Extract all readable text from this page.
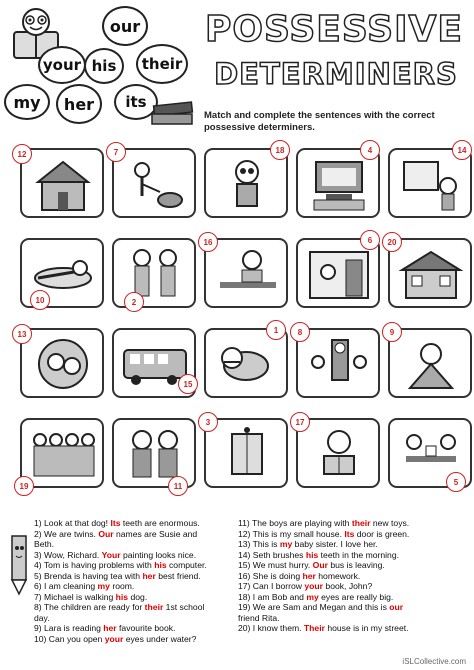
our
your his	their
my	her	its
POSSESSIVE
DETERMINERS
Match and complete the sentences with the correct possessive determiners.
12	7	18	4	14
10	2
16	6	20
13
15
1	8	9
19	11
3	17
5
1) Look at that dog! Its teeth are enormous.
2) We are twins. Our names are Susie and
Beth.
3) Wow, Richard. Your painting looks nice.
4) Tom is having problems with his computer.
5) Brenda is having tea with her best friend.
6) I am cleaning my room.
7) Michael is walking his dog.
8) The children are ready for their 1st school
day.
9) Lara is reading her favourite book.
10) Can you open your eyes under water?
11) The boys are playing with their new toys.
12) This is my small house. Its door is green.
13) This is my baby sister. I love her.
14) Seth brushes his teeth in the morning.
15) We must hurry. Our bus is leaving.
16) She is doing her homework.
17) Can I borrow your book, John?
18) I am Bob and my eyes are really big.
19) We are Sam and Megan and this is our
friend Rita.
20) I know them. Their house is in my street.
iSLCollective.com
